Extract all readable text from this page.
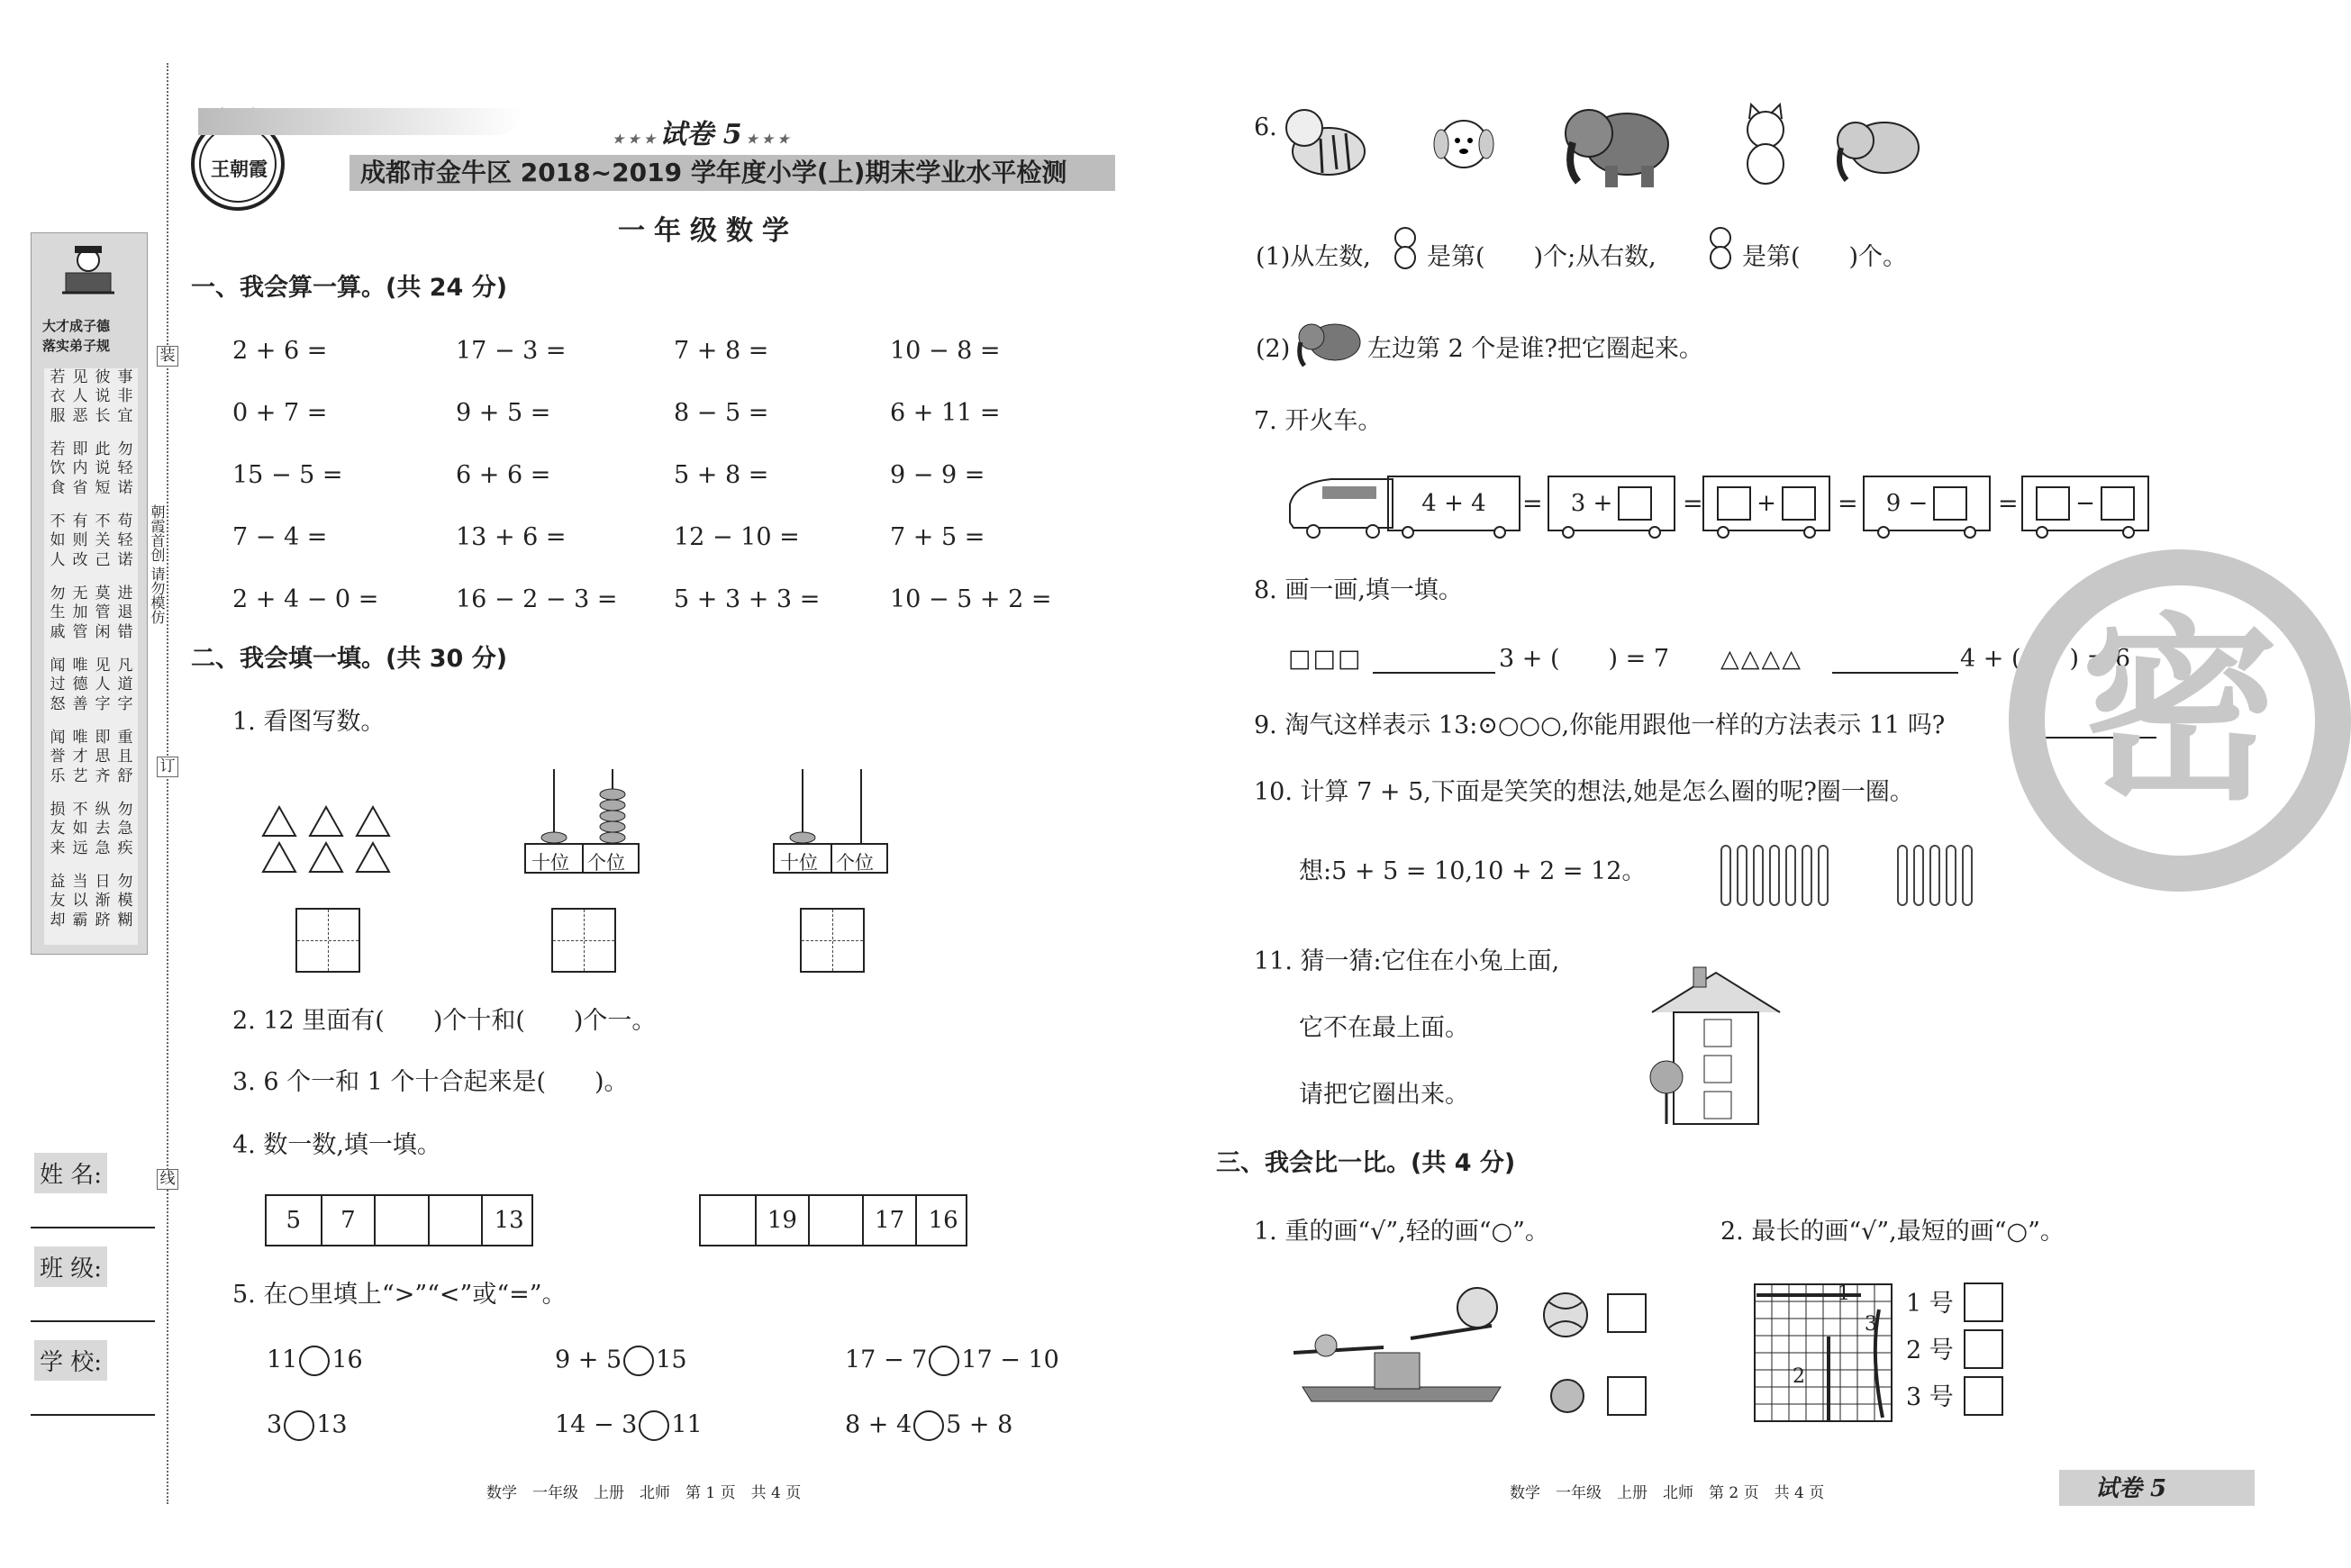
大才成子德
落实弟子规
若衣服
见人恶
彼说长
事非宜
若饮食
即内省
此说短
勿轻诺
不如人
有则改
不关己
苟轻诺
勿生戚
无加管
莫管闲
进退错
闻过怒
唯德善
见人字
凡道字
闻誉乐
唯才艺
即思齐
重且舒
损友来
不如远
纵去急
勿急疾
益友却
当以霸
日渐跻
勿模糊
装
订
线
朝霞首创 请勿模仿
姓 名:
班 级:
学 校:
王朝霞
★ ★ ★ 试卷 5 ★ ★ ★
成都市金牛区 2018~2019 学年度小学(上)期末学业水平检测
一年级数学
一、我会算一算。(共 24 分)
2 + 6 =	17 − 3 =	7 + 8 =	10 − 8 =
0 + 7 =	9 + 5 =	8 − 5 =	6 + 11 =
15 − 5 =	6 + 6 =	5 + 8 =	9 − 9 =
7 − 4 =	13 + 6 =	12 − 10 =	7 + 5 =
2 + 4 − 0 =	16 − 2 − 3 = 5 + 3 + 3 =	10 − 5 + 2 =
二、我会填一填。(共 30 分)
1. 看图写数。
十位 个位	十位 个位
2. 12 里面有(　　)个十和(　　)个一。
3. 6 个一和 1 个十合起来是(　　)。
4. 数一数,填一填。
5	7	13	19	17	16
5. 在○里填上“>”“<”或“=”。
11 16	9 + 5 15	17 − 7 17 − 10
3 13	14 − 3 11	8 + 4 5 + 8
6.
(1)从左数, 是第(　　)个;从右数,	是第(　　)个。
(2)	左边第 2 个是谁?把它圈起来。
7. 开火车。
4 + 4	3 +	+	9 −	−
=	=	=	=
8. 画一画,填一填。
□□□	3 + (　　) = 7 △△△△	4 + (　　) = 6
9. 淘气这样表示 13:⊙○○○,你能用跟他一样的方法表示 11 吗?
10. 计算 7 + 5,下面是笑笑的想法,她是怎么圈的呢?圈一圈。
想:5 + 5 = 10,10 + 2 = 12。
11. 猜一猜:它住在小兔上面,
它不在最上面。
请把它圈出来。
三、我会比一比。(共 4 分)
1. 重的画“√”,轻的画“○”。	2. 最长的画“√”,最短的画“○”。
1
3
2
1 号
2 号
3 号
密
数学　一年级　上册　北师　第 1 页　共 4 页	数学　一年级　上册　北师　第 2 页　共 4 页	试卷 5
